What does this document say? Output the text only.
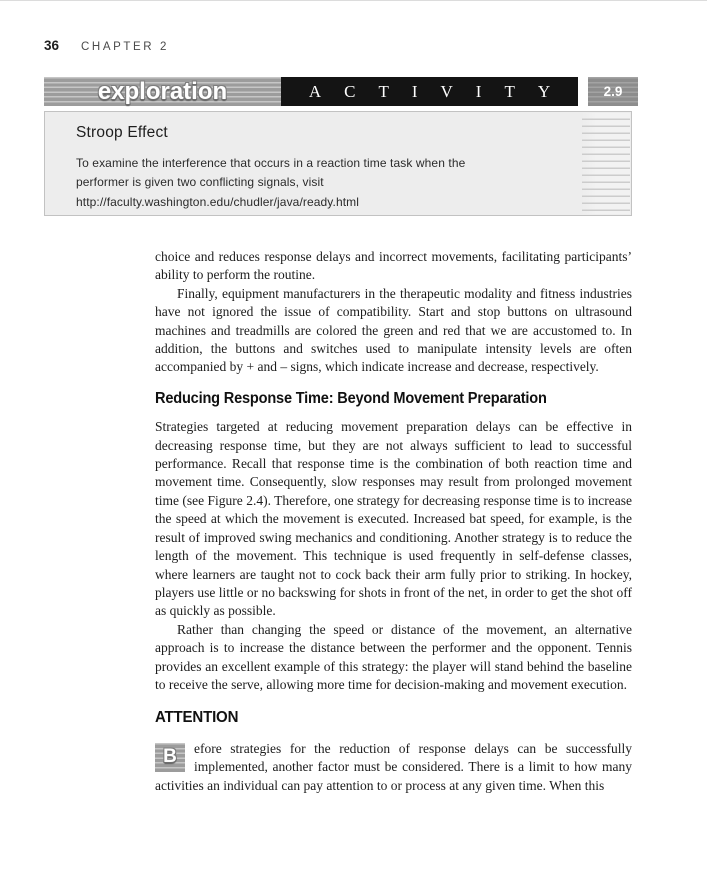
36 CHAPTER 2
exploration	ACTIVITY	2.9
Stroop Effect
To examine the interference that occurs in a reaction time task when the
performer is given two conflicting signals, visit
http://faculty.washington.edu/chudler/java/ready.html

choice and reduces response delays and incorrect movements, facilitating participants’ ability to perform the routine.

Finally, equipment manufacturers in the therapeutic modality and fitness industries have not ignored the issue of compatibility. Start and stop buttons on ultrasound machines and treadmills are colored the green and red that we are accustomed to. In addition, the buttons and switches used to manipulate intensity levels are often accompanied by + and – signs, which indicate increase and decrease, respectively.

Reducing Response Time: Beyond Movement Preparation

Strategies targeted at reducing movement preparation delays can be effective in decreasing response time, but they are not always sufficient to lead to successful performance. Recall that response time is the combination of both reaction time and movement time. Consequently, slow responses may result from prolonged movement time (see Figure 2.4). Therefore, one strategy for decreasing response time is to increase the speed at which the movement is executed. Increased bat speed, for example, is the result of improved swing mechanics and conditioning. Another strategy is to reduce the length of the movement. This technique is used frequently in self-defense classes, where learners are taught not to cock back their arm fully prior to striking. In hockey, players use little or no backswing for shots in front of the net, in order to get the shot off as quickly as possible.

Rather than changing the speed or distance of the movement, an alternative approach is to increase the distance between the performer and the opponent. Tennis provides an excellent example of this strategy: the player will stand behind the baseline to receive the serve, allowing more time for decision-making and movement execution.

ATTENTION

B	efore strategies for the reduction of response delays can be successfully implemented, another factor must be considered. There is a limit to how many activities an individual can pay attention to or process at any given time. When this
